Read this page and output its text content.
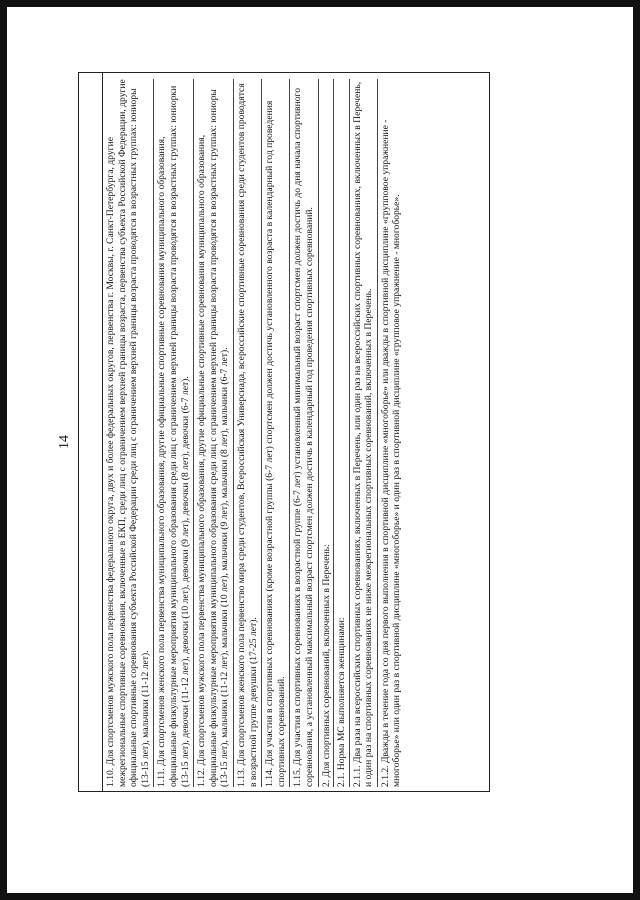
14	1.10. Для спортсменов мужского пола первенства федерального округа, двух и более федеральных округов, первенства г. Москвы, г. Санкт-Петербурга, другие межрегиональные спортивные соревнования, включенные в ЕКП, среди лиц с ограничением верхней границы возраста, первенства субъекта Российской Федерации, другие официальные спортивные соревнования субъекта Российской Федерации среди лиц с ограничением верхней границы возраста проводятся в возрастных группах: юниоры (13-15 лет), мальчики (11-12 лет). 1.11. Для спортсменов женского пола первенства муниципального образования, другие официальные спортивные соревнования муниципального образования, официальные физкультурные мероприятия муниципального образования среди лиц с ограничением верхней границы возраста проводятся в возрастных группах: юниорки (13-15 лет), девочки (11-12 лет), девочки (10 лет), девочки (9 лет), девочки (8 лет), девочки (6-7 лет). 1.12. Для спортсменов мужского пола первенства муниципального образования, другие официальные спортивные соревнования муниципального образования, официальные физкультурные мероприятия муниципального образования среди лиц с ограничением верхней границы возраста проводятся в возрастных группах: юниоры (13-15 лет), мальчики (11-12 лет), мальчики (10 лет), мальчики (9 лет), мальчики (8 лет), мальчики (6-7 лет). 1.13. Для спортсменов женского пола первенство мира среди студентов, Всероссийская Универсиада, всероссийские спортивные соревнования среди студентов проводятся в возрастной группе девушки (17-25 лет). 1.14. Для участия в спортивных соревнованиях (кроме возрастной группы (6-7 лет) спортсмен должен достичь установленного возраста в календарный год проведения спортивных соревнований. 1.15. Для участия в спортивных соревнованиях в возрастной группе (6-7 лет) установленный минимальный возраст спортсмен должен достичь до дня начала спортивного соревнования, а установленный максимальный возраст спортсмен должен достичь в календарный год проведения спортивных соревнований. 2. Для спортивных соревнований, включенных в Перечень: 2.1. Норма МС выполняется женщинами: 2.1.1. Два раза на всероссийских спортивных соревнованиях, включенных в Перечень, или один раз на всероссийских спортивных соревнованиях, включенных в Перечень, и один раз на спортивных соревнованиях не ниже межрегиональных спортивных соревнований, включенных в Перечень. 2.1.2. Дважды в течение года со дня первого выполнения в спортивной дисциплине «многоборье» или дважды в спортивной дисциплине «групповое упражнение - многоборье» или один раз в спортивной дисциплине «многоборье» и один раз в спортивной дисциплине «групповое упражнение - многоборье».
